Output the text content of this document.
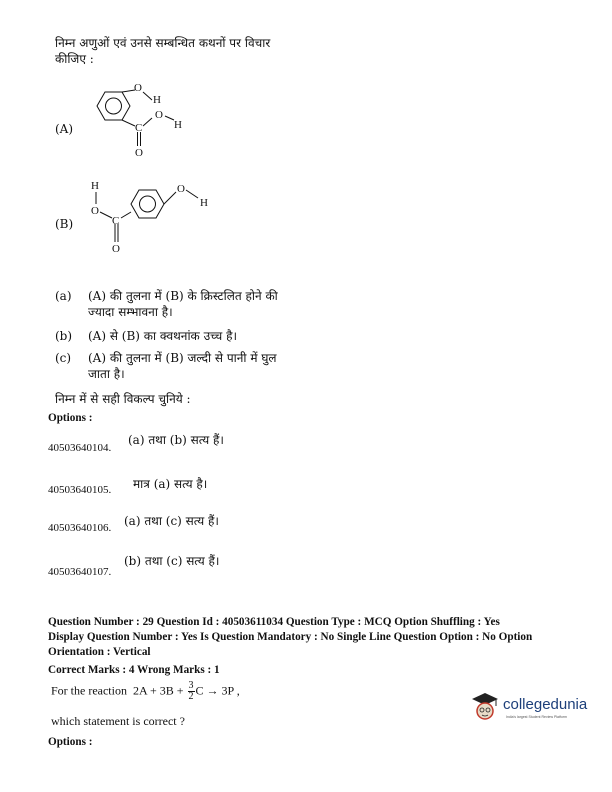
निम्न अणुओं एवं उनसे सम्बन्धित कथनों पर विचार
कीजिए :
(A)
O
H
O
H
C
O
(B)
H
O
C
O
O
H
(a) (A) की तुलना में (B) के क्रिस्टलित होने की
ज्यादा सम्भावना है।
(b) (A) से (B) का क्वथनांक उच्च है।
(c) (A) की तुलना में (B) जल्दी से पानी में घुल
जाता है।
निम्न में से सही विकल्प चुनिये :
Options :
40503640104.
(a) तथा (b) सत्य हैं।
40503640105. मात्र (a) सत्य है।
40503640106. (a) तथा (c) सत्य हैं।
40503640107.
(b) तथा (c) सत्य हैं।
Question Number : 29 Question Id : 40503611034 Question Type : MCQ Option Shuffling : Yes
Display Question Number : Yes Is Question Mandatory : No Single Line Question Option : No Option
Orientation : Vertical
Correct Marks : 4 Wrong Marks : 1
For the reaction  $2A + 3B + \frac{3}{2}$ C → 3P ,
which statement is correct ?
Options :
collegedunia
India's largest Student Review Platform
